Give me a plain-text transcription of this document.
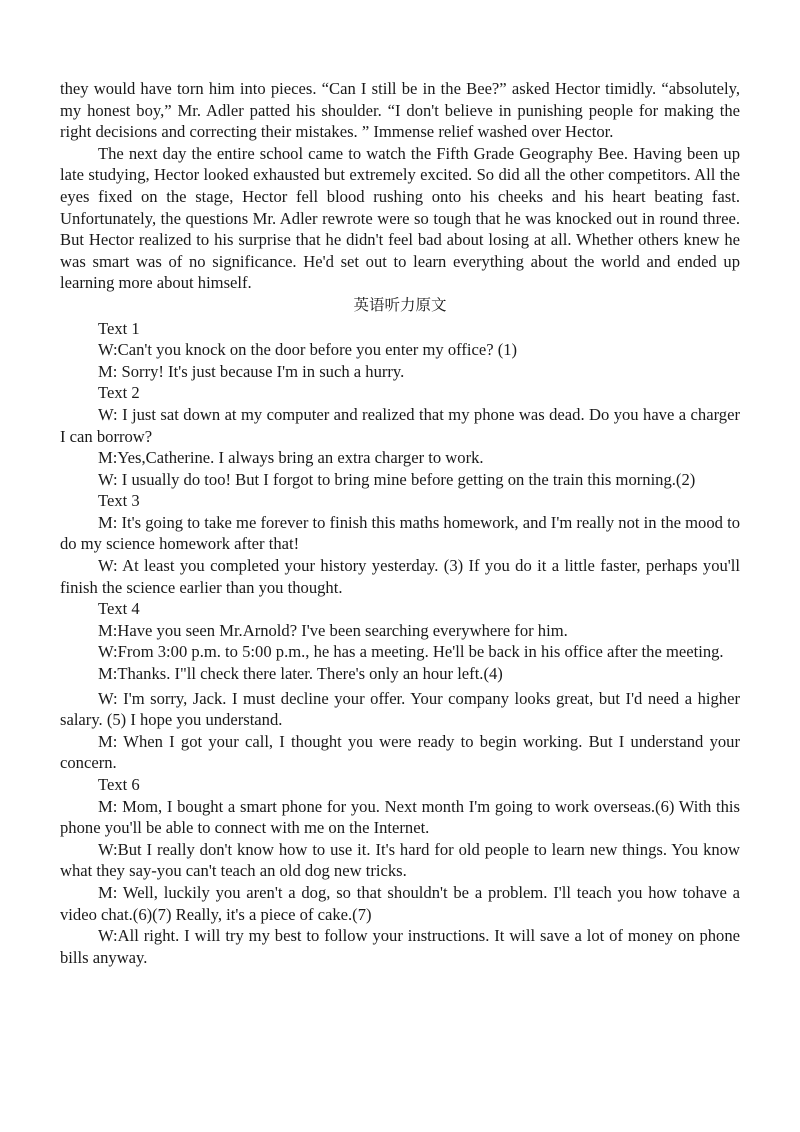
they would have torn him into pieces. “Can I still be in the Bee?” asked Hector timidly. “absolutely, my honest boy,” Mr. Adler patted his shoulder. “I don't believe in punishing people for making the right decisions and correcting their mistakes. ” Immense relief washed over Hector.

The next day the entire school came to watch the Fifth Grade Geography Bee. Having been up late studying, Hector looked exhausted but extremely excited. So did all the other competitors. All the eyes fixed on the stage, Hector fell blood rushing onto his cheeks and his heart beating fast. Unfortunately, the questions Mr. Adler rewrote were so tough that he was knocked out in round three. But Hector realized to his surprise that he didn't feel bad about losing at all. Whether others knew he was smart was of no significance. He'd set out to learn everything about the world and ended up learning more about himself.

英语听力原文

Text 1

W:Can't you knock on the door before you enter my office? (1)

M: Sorry! It's just because I'm in such a hurry.

Text 2

W: I just sat down at my computer and realized that my phone was dead. Do you have a charger I can borrow?

M:Yes,Catherine. I always bring an extra charger to work.

W: I usually do too! But I forgot to bring mine before getting on the train this morning.(2)

Text 3

M: It's going to take me forever to finish this maths homework, and I'm really not in the mood to do my science homework after that!

W: At least you completed your history yesterday. (3) If you do it a little faster, perhaps you'll finish the science earlier than you thought.

Text 4

M:Have you seen Mr.Arnold? I've been searching everywhere for him.

W:From 3:00 p.m. to 5:00 p.m., he has a meeting. He'll be back in his office after the meeting.

M:Thanks. I"ll check there later. There's only an hour left.(4)

W: I'm sorry, Jack. I must decline your offer. Your company looks great, but I'd need a higher salary. (5) I hope you understand.

M: When I got your call, I thought you were ready to begin working. But I understand your concern.

Text 6

M: Mom, I bought a smart phone for you. Next month I'm going to work overseas.(6) With this phone you'll be able to connect with me on the Internet.

W:But I really don't know how to use it. It's hard for old people to learn new things. You know what they say-you can't teach an old dog new tricks.

M: Well, luckily you aren't a dog, so that shouldn't be a problem. I'll teach you how tohave a video chat.(6)(7) Really, it's a piece of cake.(7)

W:All right. I will try my best to follow your instructions. It will save a lot of money on phone bills anyway.
